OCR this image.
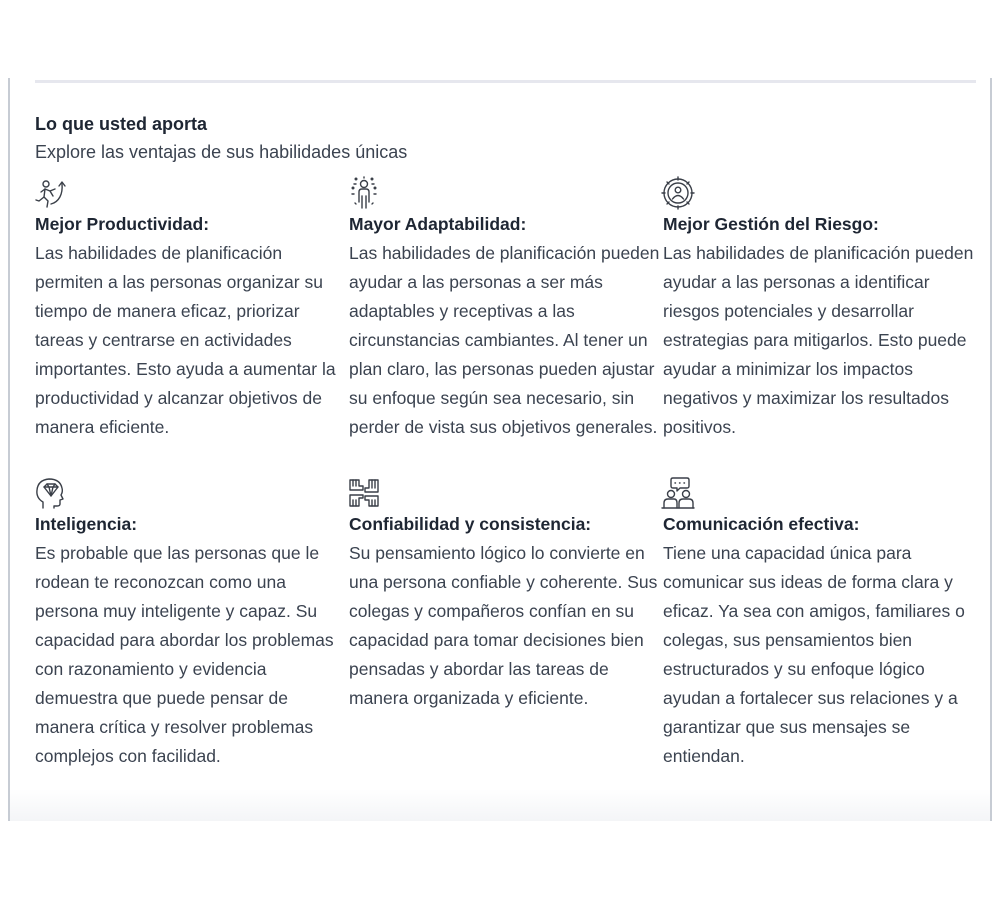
Lo que usted aporta

Explore las ventajas de sus habilidades únicas

Mejor Productividad:

Las habilidades de planificación permiten a las personas organizar su tiempo de manera eficaz, priorizar tareas y centrarse en actividades importantes. Esto ayuda a aumentar la productividad y alcanzar objetivos de manera eficiente.

Mayor Adaptabilidad:

Las habilidades de planificación pueden ayudar a las personas a ser más adaptables y receptivas a las circunstancias cambiantes. Al tener un plan claro, las personas pueden ajustar su enfoque según sea necesario, sin perder de vista sus objetivos generales.

Mejor Gestión del Riesgo:

Las habilidades de planificación pueden ayudar a las personas a identificar riesgos potenciales y desarrollar estrategias para mitigarlos. Esto puede ayudar a minimizar los impactos negativos y maximizar los resultados positivos.

Inteligencia:

Es probable que las personas que le rodean te reconozcan como una persona muy inteligente y capaz. Su capacidad para abordar los problemas con razonamiento y evidencia demuestra que puede pensar de manera crítica y resolver problemas complejos con facilidad.

Confiabilidad y consistencia:

Su pensamiento lógico lo convierte en una persona confiable y coherente. Sus colegas y compañeros confían en su capacidad para tomar decisiones bien pensadas y abordar las tareas de manera organizada y eficiente.

Comunicación efectiva:

Tiene una capacidad única para comunicar sus ideas de forma clara y eficaz. Ya sea con amigos, familiares o colegas, sus pensamientos bien estructurados y su enfoque lógico ayudan a fortalecer sus relaciones y a garantizar que sus mensajes se entiendan.
